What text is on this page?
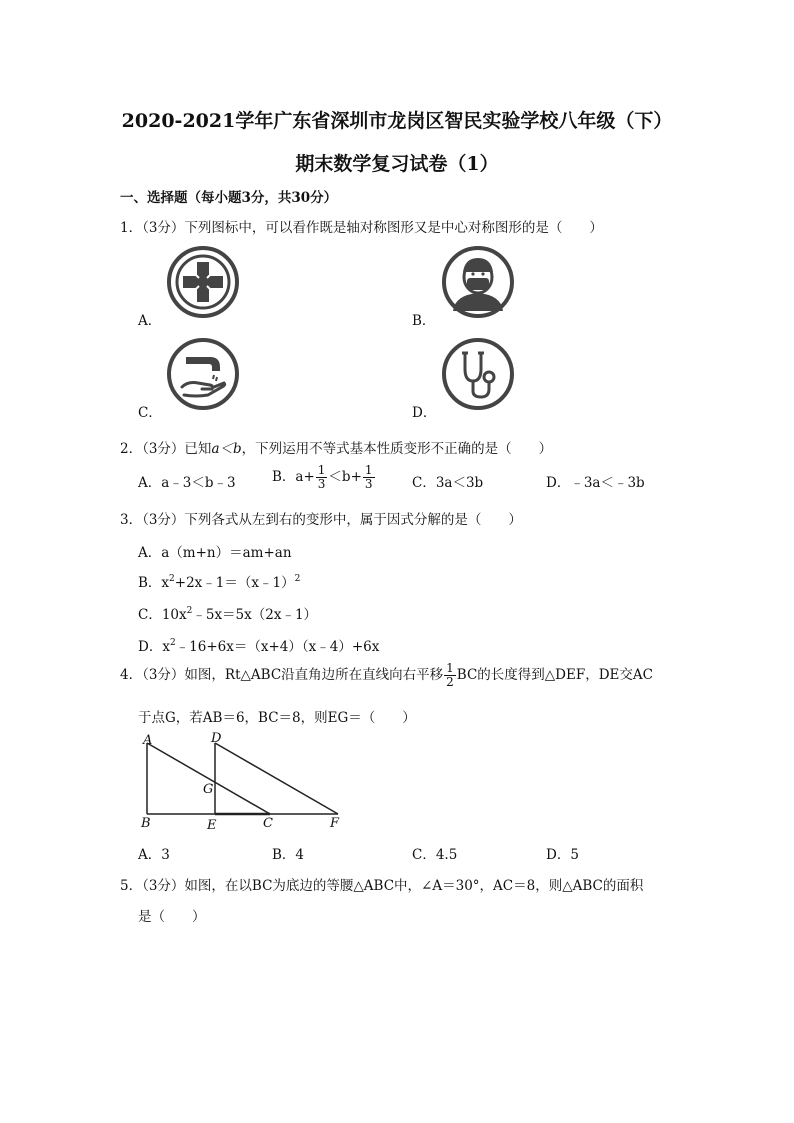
2020-2021学年广东省深圳市龙岗区智民实验学校八年级（下）
期末数学复习试卷（1）
一、选择题（每小题3分，共30分）
1．（3分）下列图标中，可以看作既是轴对称图形又是中心对称图形的是（　　）
A．	B．
C．	D．
2．（3分）已知a＜b，下列运用不等式基本性质变形不正确的是（　　）
A．a﹣3＜b﹣3	B．$a+ \frac{1}{3} <b+ \frac{1}{3}$	C．3a＜3b	D．﹣3a＜﹣3b
3．（3分）下列各式从左到右的变形中，属于因式分解的是（　　）
A．a（m+n）＝am+an
B．$x^2+2x﹣1=(x﹣1)^2$
C．$10x^2﹣5x=5x(2x﹣1)$
D．$x^2﹣16+6x=(x+4)(x﹣4)+6x$
4．（3分）如图，Rt△ABC沿直角边所在直线向右平移 $\frac{1}{2}$ BC的长度得到△DEF，DE交AC
于点G，若AB＝6，BC＝8，则EG＝（　　）
A	D
G
B	E	C	F
A．3	B．4	C．4.5	D．5
5．（3分）如图，在以BC为底边的等腰△ABC中，∠A＝30°，AC＝8，则△ABC的面积
是（　　）
